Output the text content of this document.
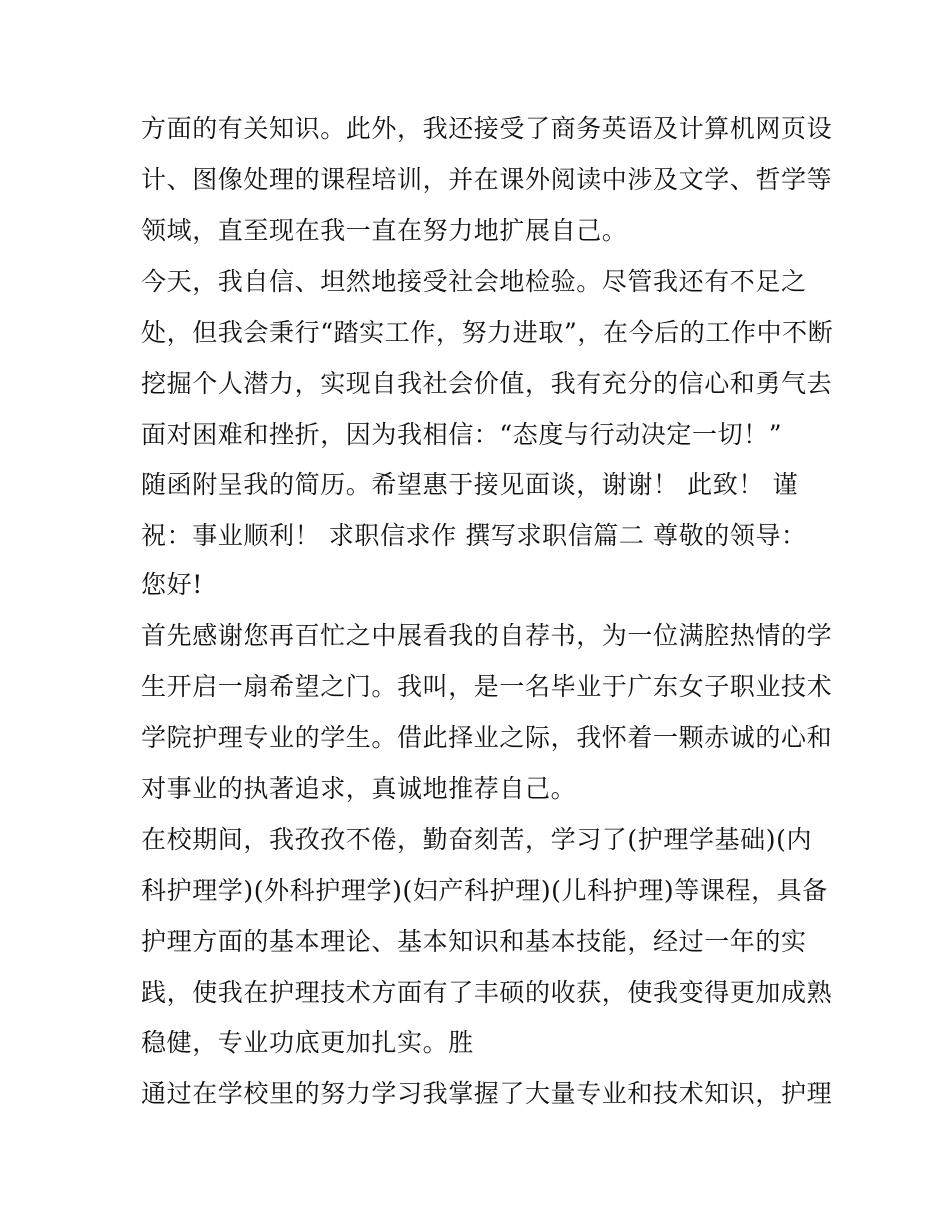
方面的有关知识。此外，我还接受了商务英语及计算机网页设
计、图像处理的课程培训，并在课外阅读中涉及文学、哲学等
领域，直至现在我一直在努力地扩展自己。
今天，我自信、坦然地接受社会地检验。尽管我还有不足之
处，但我会秉行“踏实工作，努力进取”，在今后的工作中不断
挖掘个人潜力，实现自我社会价值，我有充分的信心和勇气去
面对困难和挫折，因为我相信：“态度与行动决定一切！”
随函附呈我的简历。希望惠于接见面谈，谢谢！ 此致！ 谨
祝：事业顺利！ 求职信求作 撰写求职信篇二 尊敬的领导：
您好!
首先感谢您再百忙之中展看我的自荐书，为一位满腔热情的学
生开启一扇希望之门。我叫，是一名毕业于广东女子职业技术
学院护理专业的学生。借此择业之际，我怀着一颗赤诚的心和
对事业的执著追求，真诚地推荐自己。
在校期间，我孜孜不倦，勤奋刻苦，学习了(护理学基础)(内
科护理学)(外科护理学)(妇产科护理)(儿科护理)等课程，具备
护理方面的基本理论、基本知识和基本技能，经过一年的实
践，使我在护理技术方面有了丰硕的收获，使我变得更加成熟
稳健，专业功底更加扎实。胜
通过在学校里的努力学习我掌握了大量专业和技术知识，护理
